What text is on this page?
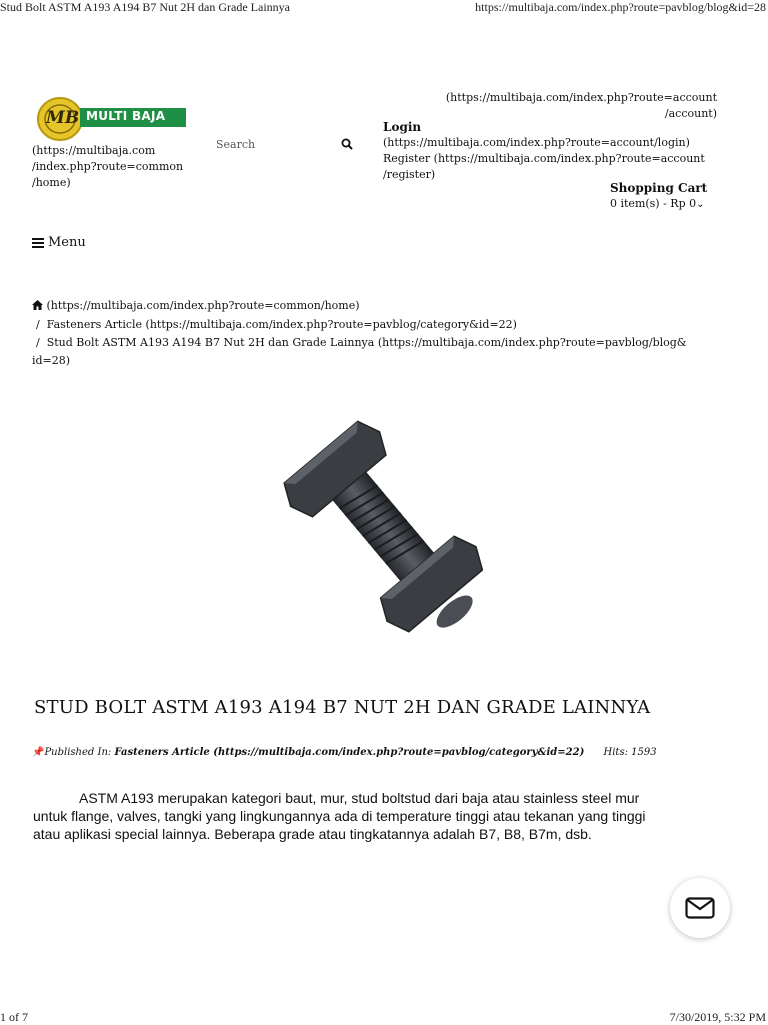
Stud Bolt ASTM A193 A194 B7 Nut 2H dan Grade Lainnya	https://multibaja.com/index.php?route=pavblog/blog&id=28
MB MULTI BAJA
(https://multibaja.com
/index.php?route=common
/home)
Search
(https://multibaja.com/index.php?route=account
/account)
Login
(https://multibaja.com/index.php?route=account/login)
Register (https://multibaja.com/index.php?route=account
/register)
Shopping Cart
0 item(s) - Rp 0⌄
Menu
(https://multibaja.com/index.php?route=common/home)
/ Fasteners Article (https://multibaja.com/index.php?route=pavblog/category&id=22)
/ Stud Bolt ASTM A193 A194 B7 Nut 2H dan Grade Lainnya (https://multibaja.com/index.php?route=pavblog/blog&
id=28)
STUD BOLT ASTM A193 A194 B7 NUT 2H DAN GRADE LAINNYA
📌Published In: Fasteners Article (https://multibaja.com/index.php?route=pavblog/category&id=22) Hits: 1593
ASTM A193 merupakan kategori baut, mur, stud boltstud dari baja atau stainless steel mur
untuk flange, valves, tangki yang lingkungannya ada di temperature tinggi atau tekanan yang tinggi
atau aplikasi special lainnya. Beberapa grade atau tingkatannya adalah B7, B8, B7m, dsb.
1 of 7	7/30/2019, 5:32 PM
